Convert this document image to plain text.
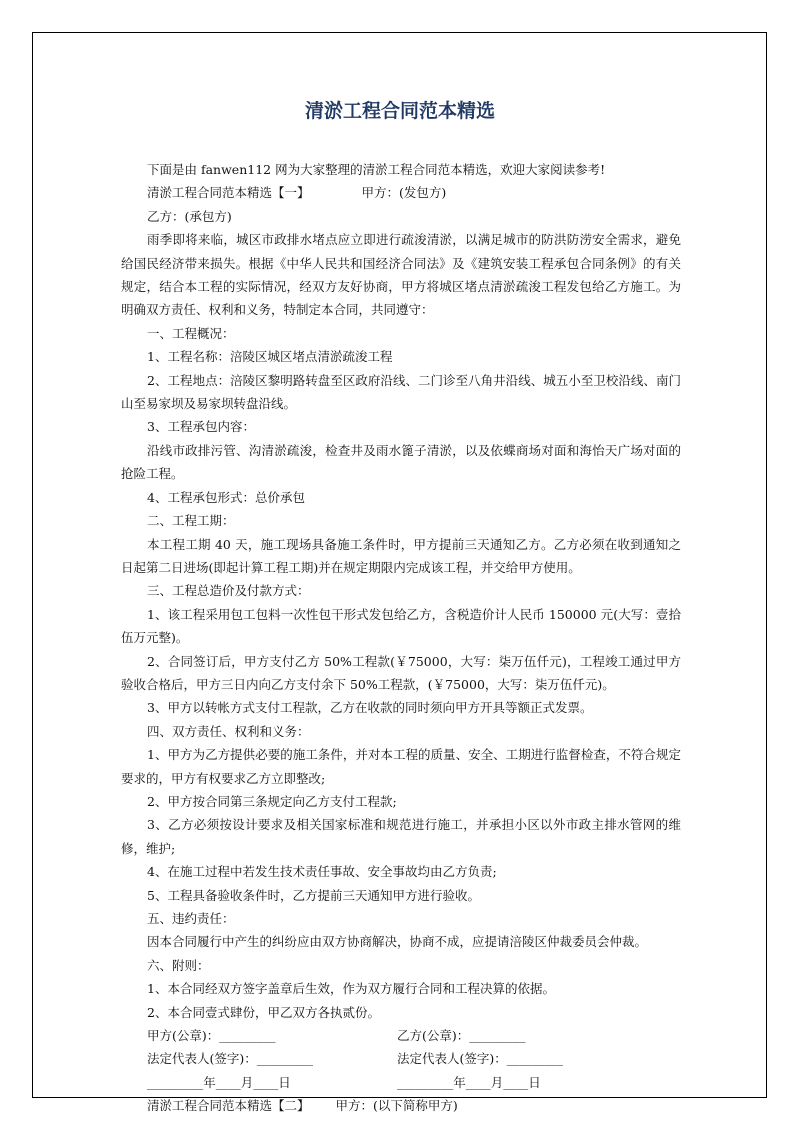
清淤工程合同范本精选

下面是由 fanwen112 网为大家整理的清淤工程合同范本精选，欢迎大家阅读参考!

清淤工程合同范本精选【一】	甲方：(发包方)

乙方：(承包方)

雨季即将来临，城区市政排水堵点应立即进行疏浚清淤，以满足城市的防洪防涝安全需求，避免给国民经济带来损失。根据《中华人民共和国经济合同法》及《建筑安装工程承包合同条例》的有关规定，结合本工程的实际情况，经双方友好协商，甲方将城区堵点清淤疏浚工程发包给乙方施工。为明确双方责任、权利和义务，特制定本合同，共同遵守：

一、工程概况：

1、工程名称：涪陵区城区堵点清淤疏浚工程

2、工程地点：涪陵区黎明路转盘至区政府沿线、二门诊至八角井沿线、城五小至卫校沿线、南门山至易家坝及易家坝转盘沿线。

3、工程承包内容：

沿线市政排污管、沟清淤疏浚，检查井及雨水篦子清淤，以及依蝶商场对面和海怡天广场对面的抢险工程。

4、工程承包形式：总价承包

二、工程工期：

本工程工期 40 天，施工现场具备施工条件时，甲方提前三天通知乙方。乙方必须在收到通知之日起第二日进场(即起计算工程工期)并在规定期限内完成该工程，并交给甲方使用。

三、工程总造价及付款方式：

1、该工程采用包工包料一次性包干形式发包给乙方，含税造价计人民币 150000 元(大写：壹拾伍万元整)。

2、合同签订后，甲方支付乙方 50%工程款(￥75000，大写：柒万伍仟元)，工程竣工通过甲方验收合格后，甲方三日内向乙方支付余下 50%工程款，(￥75000，大写：柒万伍仟元)。

3、甲方以转帐方式支付工程款，乙方在收款的同时须向甲方开具等额正式发票。

四、双方责任、权利和义务：

1、甲方为乙方提供必要的施工条件，并对本工程的质量、安全、工期进行监督检查，不符合规定要求的，甲方有权要求乙方立即整改;

2、甲方按合同第三条规定向乙方支付工程款;

3、乙方必须按设计要求及相关国家标准和规范进行施工，并承担小区以外市政主排水管网的维修，维护;

4、在施工过程中若发生技术责任事故、安全事故均由乙方负责;

5、工程具备验收条件时，乙方提前三天通知甲方进行验收。

五、违约责任：

因本合同履行中产生的纠纷应由双方协商解决，协商不成，应提请涪陵区仲裁委员会仲裁。

六、附则：

1、本合同经双方签字盖章后生效，作为双方履行合同和工程决算的依据。

2、本合同壹式肆份，甲乙双方各执贰份。

甲方(公章)：_________	乙方(公章)：_________
法定代表人(签字)：_________	法定代表人(签字)：_________
_________年____月____日	_________年____月____日

清淤工程合同范本精选【二】 甲方：(以下简称甲方)
